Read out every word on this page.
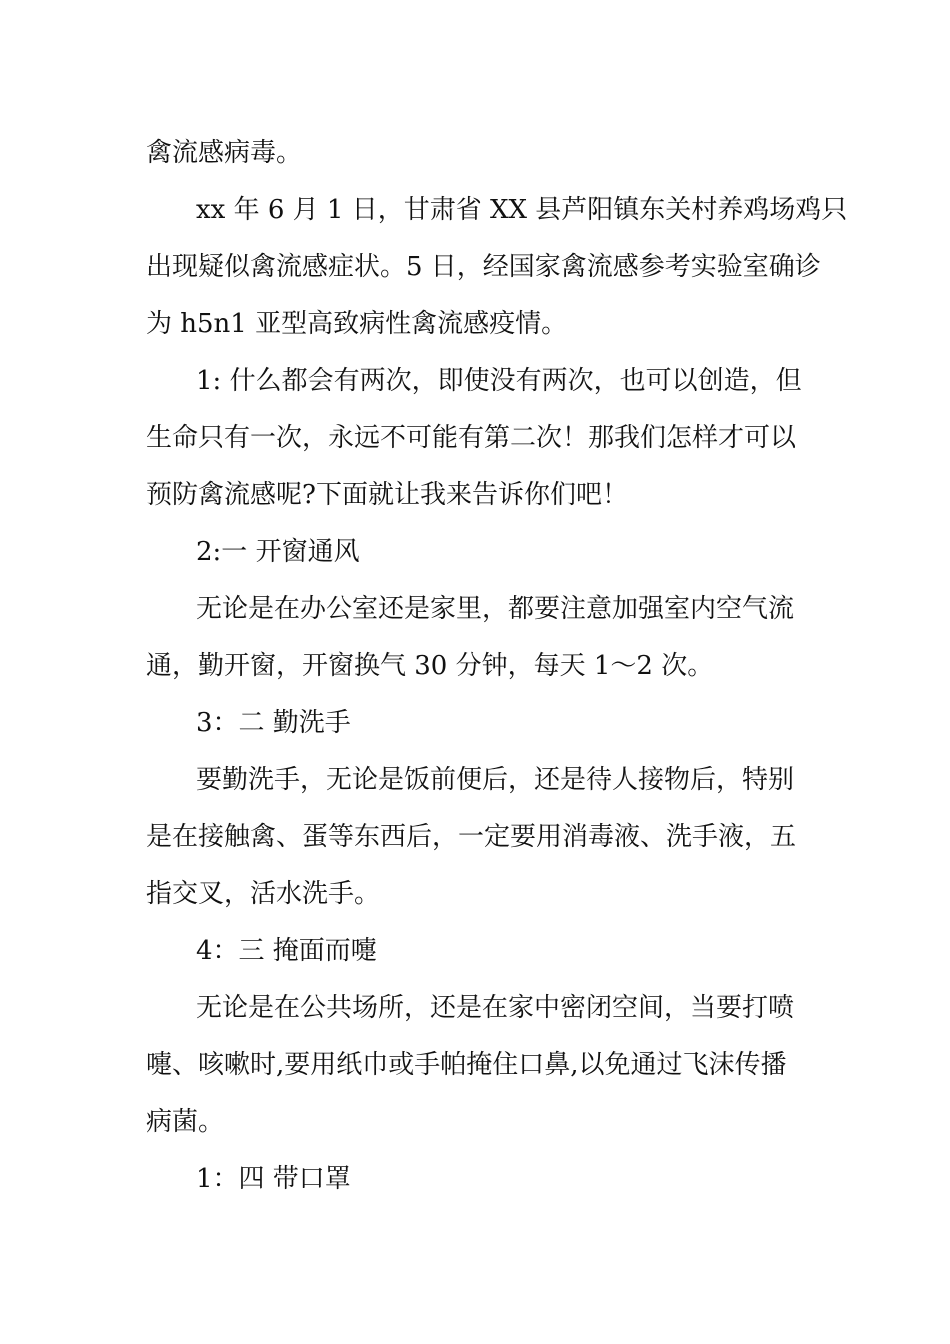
禽流感病毒。
xx 年 6 月 1 日，甘肃省 XX 县芦阳镇东关村养鸡场鸡只
出现疑似禽流感症状。5 日，经国家禽流感参考实验室确诊
为 h5n1 亚型高致病性禽流感疫情。
1: 什么都会有两次，即使没有两次，也可以创造，但
生命只有一次，永远不可能有第二次！那我们怎样才可以
预防禽流感呢?下面就让我来告诉你们吧！
2:一 开窗通风
无论是在办公室还是家里，都要注意加强室内空气流
通，勤开窗，开窗换气 30 分钟，每天 1～2 次。
3：二 勤洗手
要勤洗手，无论是饭前便后，还是待人接物后，特别
是在接触禽、蛋等东西后，一定要用消毒液、洗手液，五
指交叉，活水洗手。
4：三 掩面而嚏
无论是在公共场所，还是在家中密闭空间，当要打喷
嚏、咳嗽时,要用纸巾或手帕掩住口鼻,以免通过飞沫传播
病菌。
1：四 带口罩
